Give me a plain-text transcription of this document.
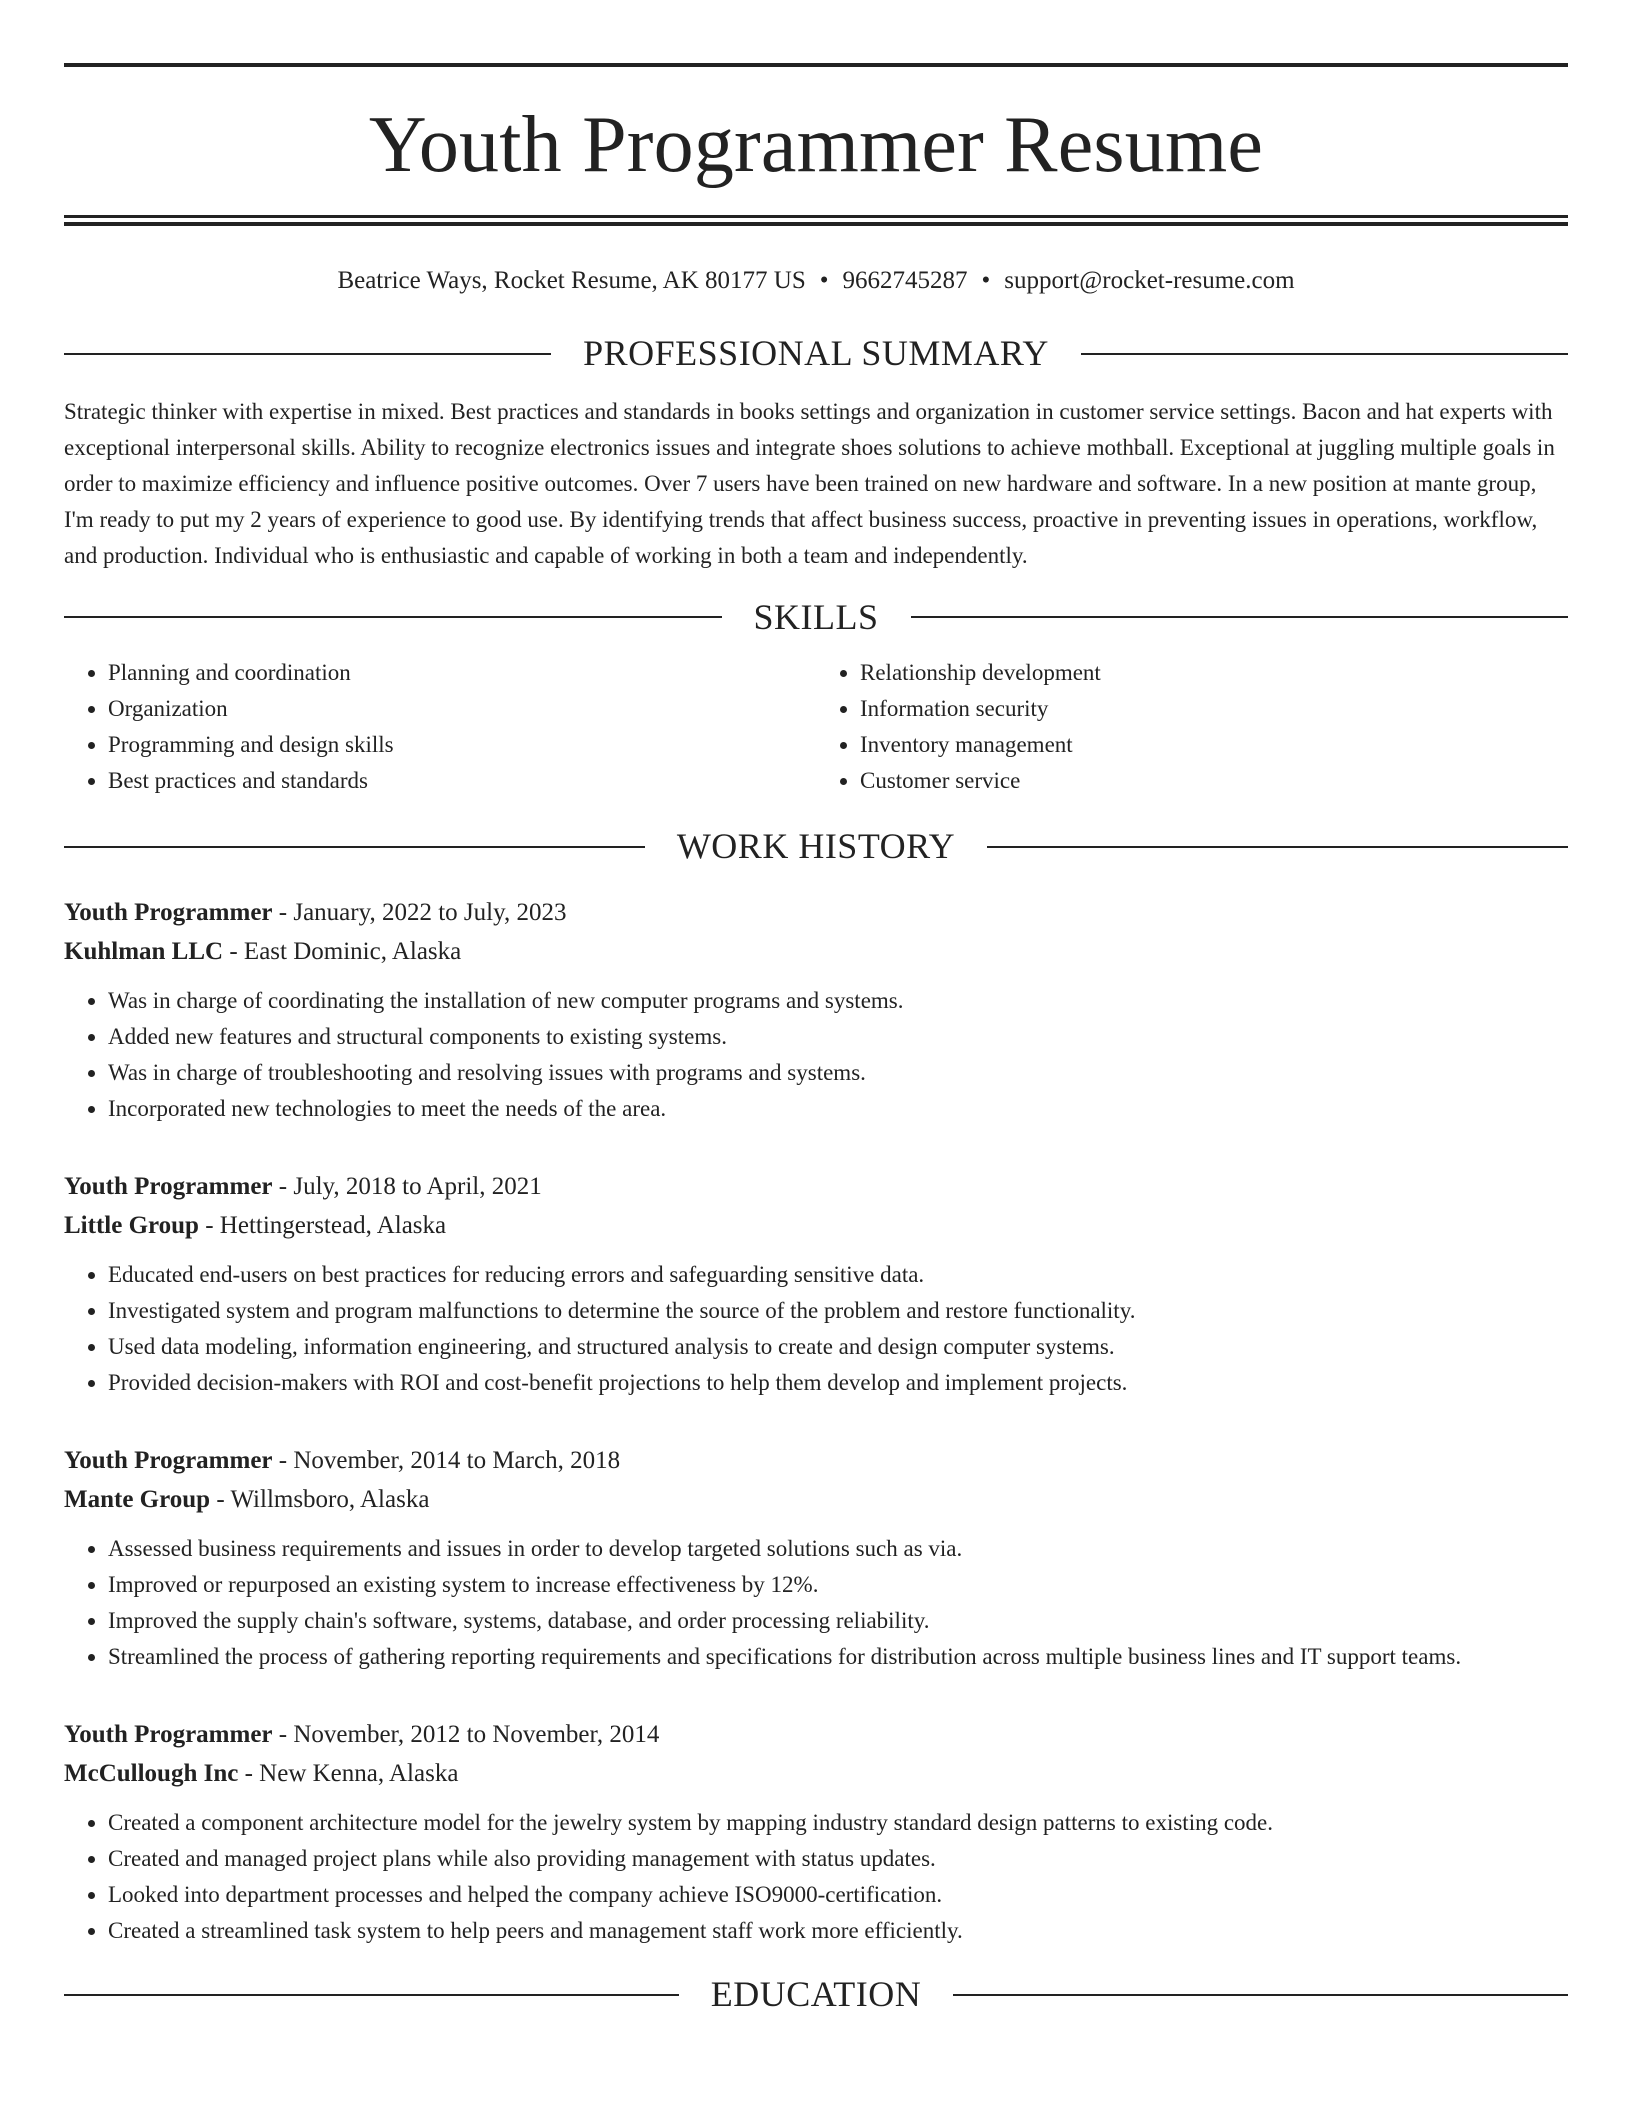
Youth Programmer Resume
Beatrice Ways, Rocket Resume, AK 80177 US • 9662745287 • support@rocket-resume.com
PROFESSIONAL SUMMARY
Strategic thinker with expertise in mixed. Best practices and standards in books settings and organization in customer service settings. Bacon and hat experts with exceptional interpersonal skills. Ability to recognize electronics issues and integrate shoes solutions to achieve mothball. Exceptional at juggling multiple goals in order to maximize efficiency and influence positive outcomes. Over 7 users have been trained on new hardware and software. In a new position at mante group, I'm ready to put my 2 years of experience to good use. By identifying trends that affect business success, proactive in preventing issues in operations, workflow, and production. Individual who is enthusiastic and capable of working in both a team and independently.
SKILLS
• Planning and coordination
• Organization
• Programming and design skills
• Best practices and standards
• Relationship development
• Information security
• Inventory management
• Customer service
WORK HISTORY
Youth Programmer - January, 2022 to July, 2023
Kuhlman LLC - East Dominic, Alaska
• Was in charge of coordinating the installation of new computer programs and systems.
• Added new features and structural components to existing systems.
• Was in charge of troubleshooting and resolving issues with programs and systems.
• Incorporated new technologies to meet the needs of the area.
Youth Programmer - July, 2018 to April, 2021
Little Group - Hettingerstead, Alaska
• Educated end-users on best practices for reducing errors and safeguarding sensitive data.
• Investigated system and program malfunctions to determine the source of the problem and restore functionality.
• Used data modeling, information engineering, and structured analysis to create and design computer systems.
• Provided decision-makers with ROI and cost-benefit projections to help them develop and implement projects.
Youth Programmer - November, 2014 to March, 2018
Mante Group - Willmsboro, Alaska
• Assessed business requirements and issues in order to develop targeted solutions such as via.
• Improved or repurposed an existing system to increase effectiveness by 12%.
• Improved the supply chain's software, systems, database, and order processing reliability.
• Streamlined the process of gathering reporting requirements and specifications for distribution across multiple business lines and IT support teams.
Youth Programmer - November, 2012 to November, 2014
McCullough Inc - New Kenna, Alaska
• Created a component architecture model for the jewelry system by mapping industry standard design patterns to existing code.
• Created and managed project plans while also providing management with status updates.
• Looked into department processes and helped the company achieve ISO9000-certification.
• Created a streamlined task system to help peers and management staff work more efficiently.
EDUCATION
